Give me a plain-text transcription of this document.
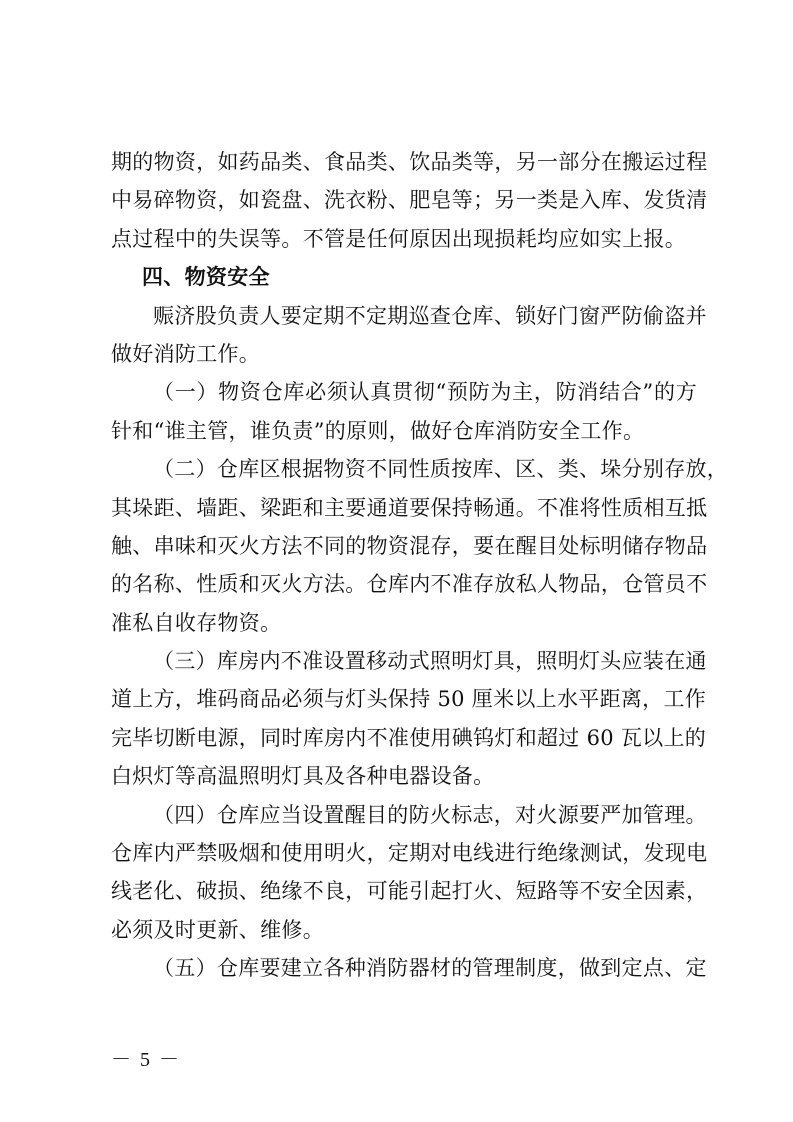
期的物资，如药品类、食品类、饮品类等，另一部分在搬运过程
中易碎物资，如瓷盘、洗衣粉、肥皂等；另一类是入库、发货清
点过程中的失误等。不管是任何原因出现损耗均应如实上报。
四、物资安全
赈济股负责人要定期不定期巡查仓库、锁好门窗严防偷盗并
做好消防工作。
（一）物资仓库必须认真贯彻“预防为主，防消结合”的方
针和“谁主管，谁负责”的原则，做好仓库消防安全工作。
（二）仓库区根据物资不同性质按库、区、类、垛分别存放，
其垛距、墙距、梁距和主要通道要保持畅通。不准将性质相互抵
触、串味和灭火方法不同的物资混存，要在醒目处标明储存物品
的名称、性质和灭火方法。仓库内不准存放私人物品，仓管员不
准私自收存物资。
（三）库房内不准设置移动式照明灯具，照明灯头应装在通
道上方，堆码商品必须与灯头保持 50 厘米以上水平距离，工作
完毕切断电源，同时库房内不准使用碘钨灯和超过 60 瓦以上的
白炽灯等高温照明灯具及各种电器设备。
（四）仓库应当设置醒目的防火标志，对火源要严加管理。
仓库内严禁吸烟和使用明火，定期对电线进行绝缘测试，发现电
线老化、破损、绝缘不良，可能引起打火、短路等不安全因素，
必须及时更新、维修。
（五）仓库要建立各种消防器材的管理制度，做到定点、定
－ 5 －
